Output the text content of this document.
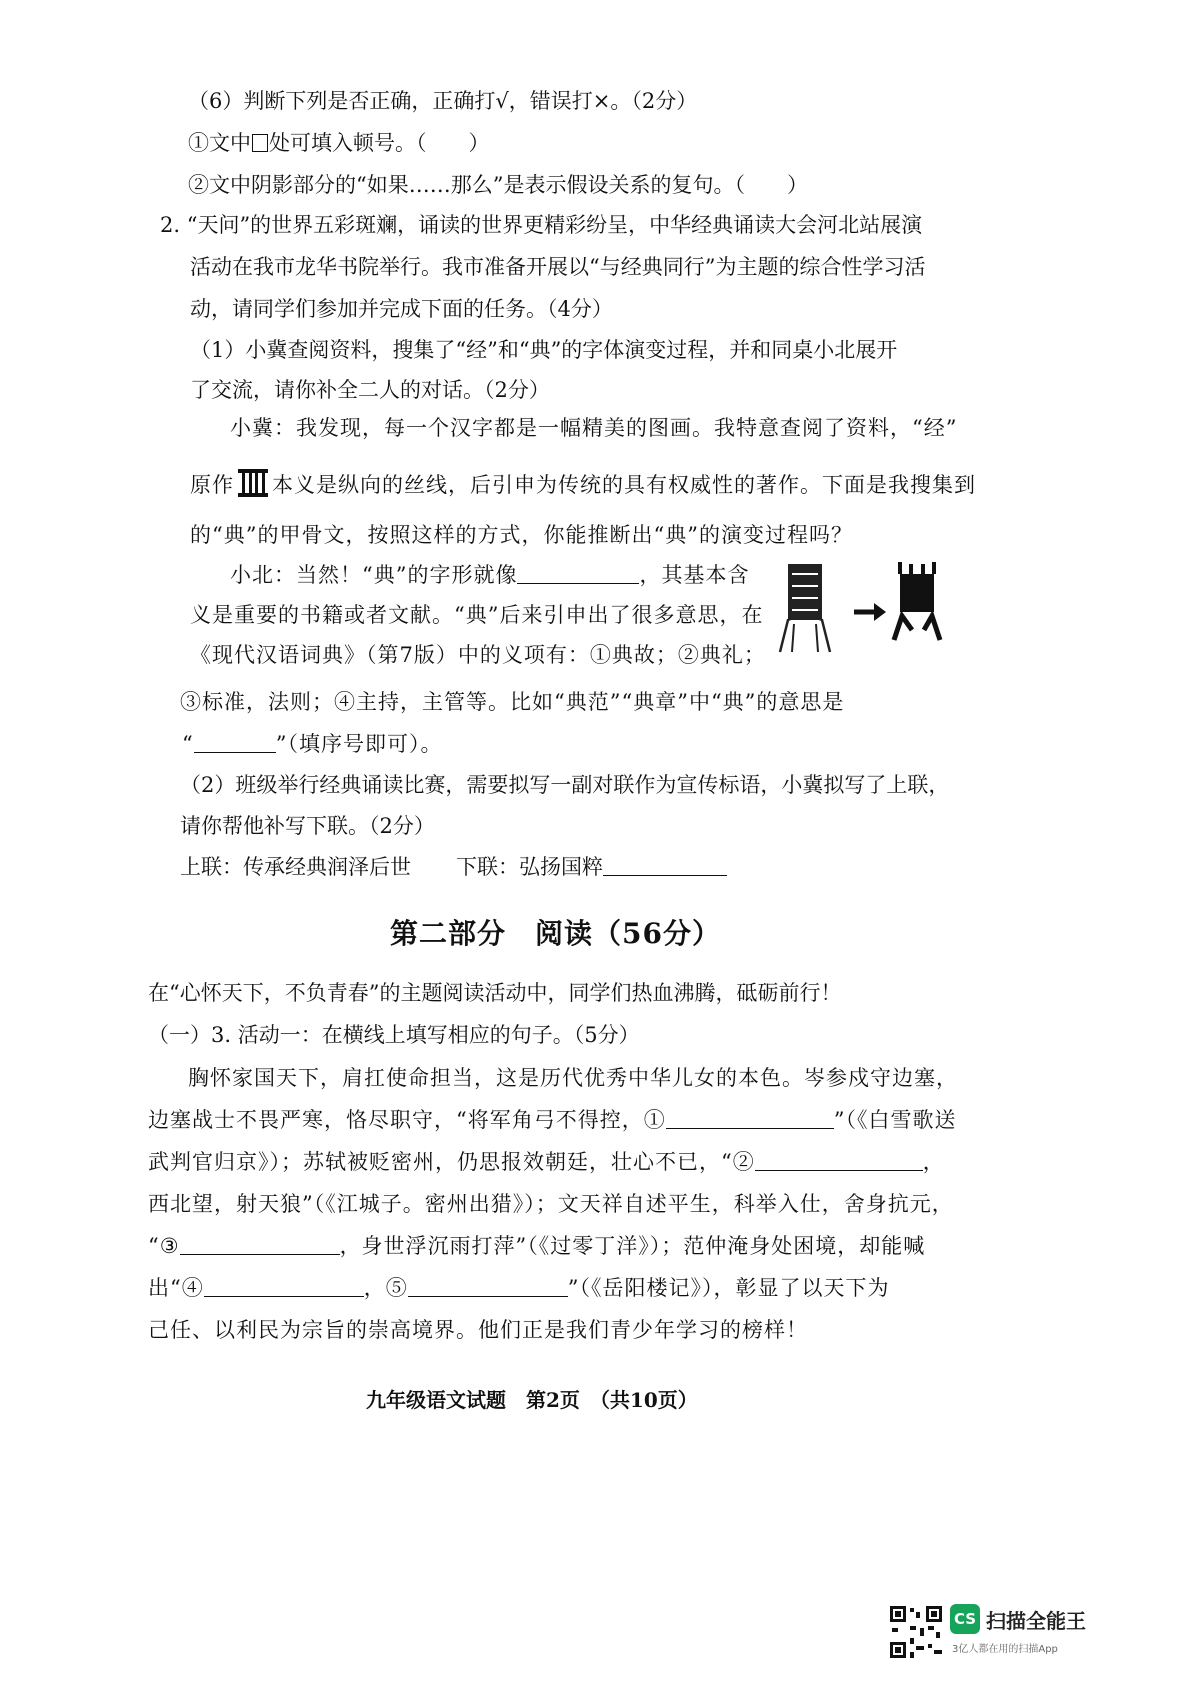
（6）判断下列是否正确，正确打√，错误打×。（2分）
①文中 处可填入顿号。（　　）
②文中阴影部分的“如果……那么”是表示假设关系的复句。（　　）
2. “天问”的世界五彩斑斓，诵读的世界更精彩纷呈，中华经典诵读大会河北站展演
活动在我市龙华书院举行。我市准备开展以“与经典同行”为主题的综合性学习活
动，请同学们参加并完成下面的任务。（4分）
（1）小冀查阅资料，搜集了“经”和“典”的字体演变过程，并和同桌小北展开
了交流，请你补全二人的对话。（2分）
小冀：我发现，每一个汉字都是一幅精美的图画。我特意查阅了资料，“经”
原作 本义是纵向的丝线，后引申为传统的具有权威性的著作。下面是我搜集到
的“典”的甲骨文，按照这样的方式，你能推断出“典”的演变过程吗？
小北：当然！“典”的字形就像	，其基本含
义是重要的书籍或者文献。“典”后来引申出了很多意思，在
《现代汉语词典》（第7版）中的义项有：①典故；②典礼；
③标准，法则；④主持，主管等。比如“典范”“典章”中“典”的意思是
“	”（填序号即可）。
（2）班级举行经典诵读比赛，需要拟写一副对联作为宣传标语，小冀拟写了上联，
请你帮他补写下联。（2分）
上联：传承经典润泽后世 下联：弘扬国粹
第二部分　阅读（56分）
在“心怀天下，不负青春”的主题阅读活动中，同学们热血沸腾，砥砺前行！
（一）3. 活动一：在横线上填写相应的句子。（5分）
胸怀家国天下，肩扛使命担当，这是历代优秀中华儿女的本色。岑参戍守边塞，
边塞战士不畏严寒，恪尽职守，“将军角弓不得控，①	”（《白雪歌送
武判官归京》）；苏轼被贬密州，仍思报效朝廷，壮心不已，“②	，
西北望，射天狼”（《江城子。密州出猎》）；文天祥自述平生，科举入仕，舍身抗元，
“③	，身世浮沉雨打萍”（《过零丁洋》）；范仲淹身处困境，却能喊
出“④	，⑤	”（《岳阳楼记》），彰显了以天下为
己任、以利民为宗旨的崇高境界。他们正是我们青少年学习的榜样！
九年级语文试题　第2页　（共10页）
CS 扫描全能王
3亿人都在用的扫描App
